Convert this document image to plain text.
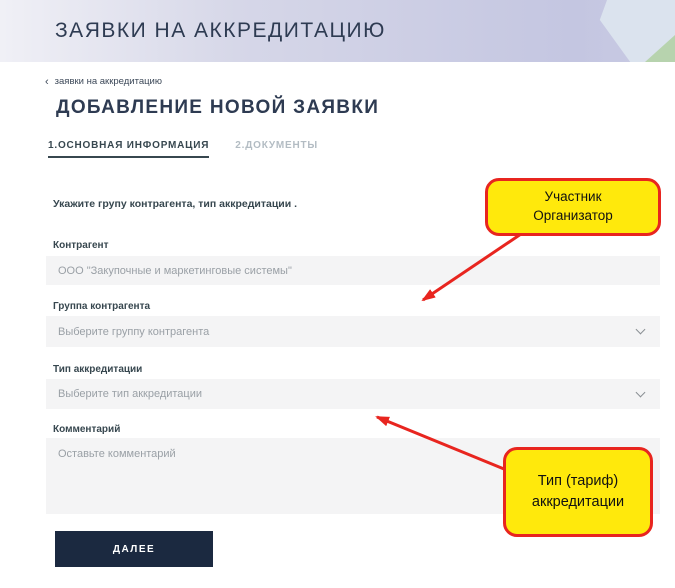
ЗАЯВКИ НА АККРЕДИТАЦИЮ
‹ заявки на аккредитацию
ДОБАВЛЕНИЕ НОВОЙ ЗАЯВКИ
1.ОСНОВНАЯ ИНФОРМАЦИЯ	2.ДОКУМЕНТЫ
Укажите групу контрагента, тип аккредитации .
Контрагент
ООО "Закупочные и маркетинговые системы"
Группа контрагента
Выберите группу контрагента
Тип аккредитации
Выберите тип аккредитации
Комментарий
Оставьте комментарий
ДАЛЕЕ
Участник
Организатор
Тип (тариф)
аккредитации
